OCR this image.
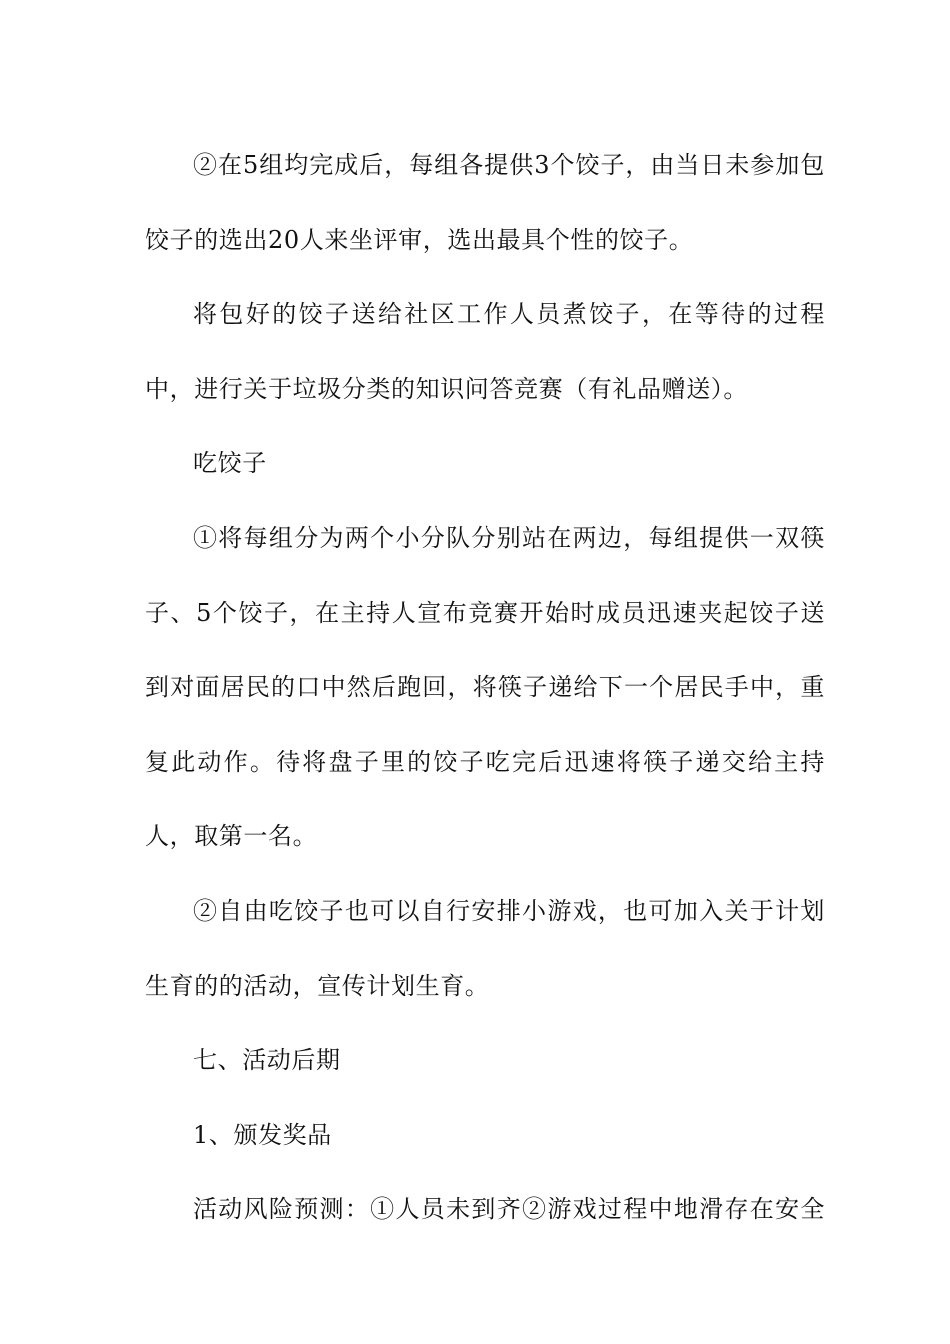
②在5组均完成后，每组各提供3个饺子，由当日未参加包饺子的选出20人来坐评审，选出最具个性的饺子。

将包好的饺子送给社区工作人员煮饺子，在等待的过程中，进行关于垃圾分类的知识问答竞赛（有礼品赠送）。

吃饺子

①将每组分为两个小分队分别站在两边，每组提供一双筷子、5个饺子，在主持人宣布竞赛开始时成员迅速夹起饺子送到对面居民的口中然后跑回，将筷子递给下一个居民手中，重复此动作。待将盘子里的饺子吃完后迅速将筷子递交给主持人，取第一名。

②自由吃饺子也可以自行安排小游戏，也可加入关于计划生育的的活动，宣传计划生育。

七、活动后期

1、颁发奖品

活动风险预测：①人员未到齐②游戏过程中地滑存在安全
